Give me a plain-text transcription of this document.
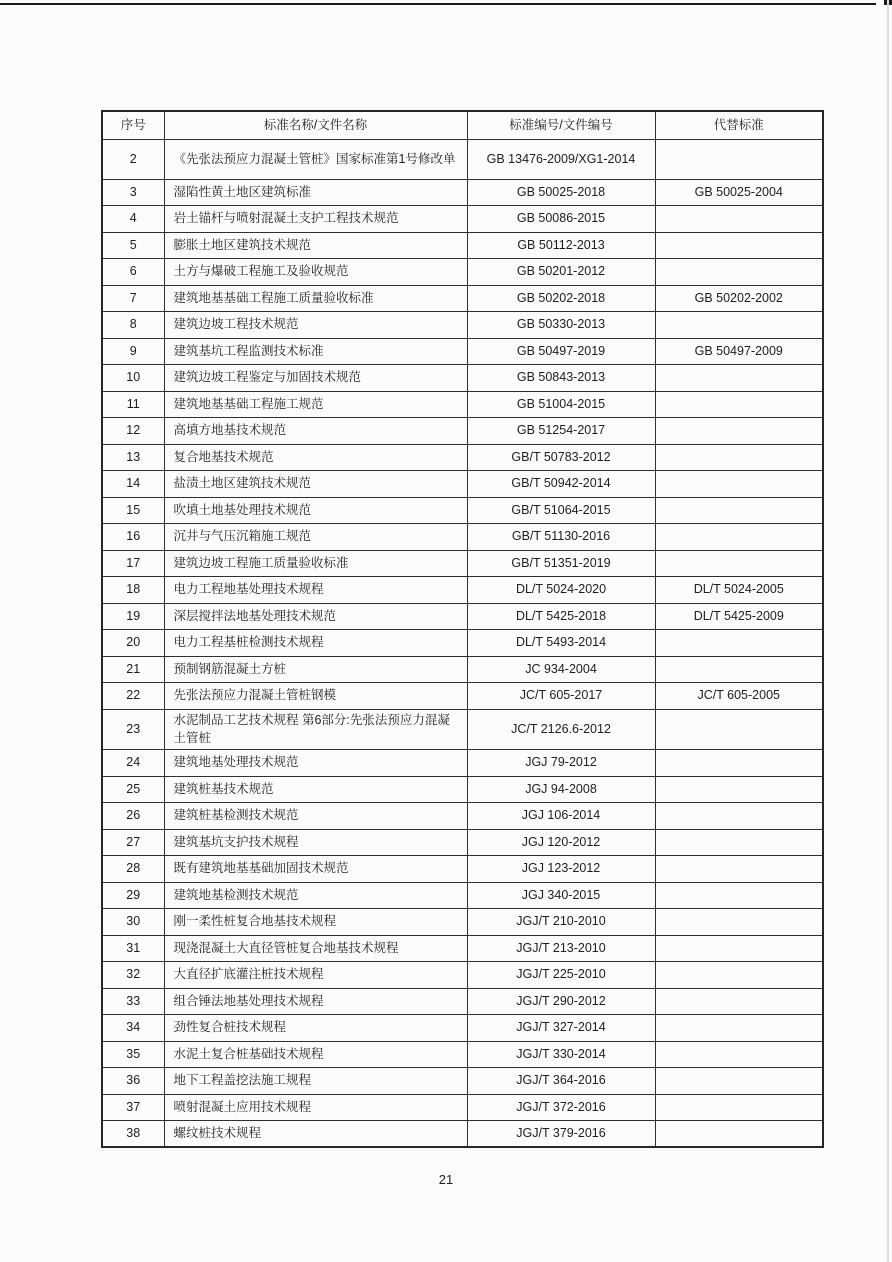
序号	标准名称/文件名称	标准编号/文件编号	代替标准
2	《先张法预应力混凝土管桩》国家标准第1号修改单	GB 13476-2009/XG1-2014	
3	湿陷性黄土地区建筑标准	GB 50025-2018	GB 50025-2004
4	岩土锚杆与喷射混凝土支护工程技术规范	GB 50086-2015	
5	膨胀土地区建筑技术规范	GB 50112-2013	
6	土方与爆破工程施工及验收规范	GB 50201-2012	
7	建筑地基基础工程施工质量验收标准	GB 50202-2018	GB 50202-2002
8	建筑边坡工程技术规范	GB 50330-2013	
9	建筑基坑工程监测技术标准	GB 50497-2019	GB 50497-2009
10	建筑边坡工程鉴定与加固技术规范	GB 50843-2013	
11	建筑地基基础工程施工规范	GB 51004-2015	
12	高填方地基技术规范	GB 51254-2017	
13	复合地基技术规范	GB/T 50783-2012	
14	盐渍土地区建筑技术规范	GB/T 50942-2014	
15	吹填土地基处理技术规范	GB/T 51064-2015	
16	沉井与气压沉箱施工规范	GB/T 51130-2016	
17	建筑边坡工程施工质量验收标准	GB/T 51351-2019	
18	电力工程地基处理技术规程	DL/T 5024-2020	DL/T 5024-2005
19	深层搅拌法地基处理技术规范	DL/T 5425-2018	DL/T 5425-2009
20	电力工程基桩检测技术规程	DL/T 5493-2014	
21	预制钢筋混凝土方桩	JC 934-2004	
22	先张法预应力混凝土管桩钢模	JC/T 605-2017	JC/T 605-2005
23	水泥制品工艺技术规程 第6部分:先张法预应力混凝土管桩	JC/T 2126.6-2012	
24	建筑地基处理技术规范	JGJ 79-2012	
25	建筑桩基技术规范	JGJ 94-2008	
26	建筑桩基检测技术规范	JGJ 106-2014	
27	建筑基坑支护技术规程	JGJ 120-2012	
28	既有建筑地基基础加固技术规范	JGJ 123-2012	
29	建筑地基检测技术规范	JGJ 340-2015	
30	刚一柔性桩复合地基技术规程	JGJ/T 210-2010	
31	现浇混凝土大直径管桩复合地基技术规程	JGJ/T 213-2010	
32	大直径扩底灌注桩技术规程	JGJ/T 225-2010	
33	组合锤法地基处理技术规程	JGJ/T 290-2012	
34	劲性复合桩技术规程	JGJ/T 327-2014	
35	水泥土复合桩基础技术规程	JGJ/T 330-2014	
36	地下工程盖挖法施工规程	JGJ/T 364-2016	
37	喷射混凝土应用技术规程	JGJ/T 372-2016	
38	螺纹桩技术规程	JGJ/T 379-2016	
21
